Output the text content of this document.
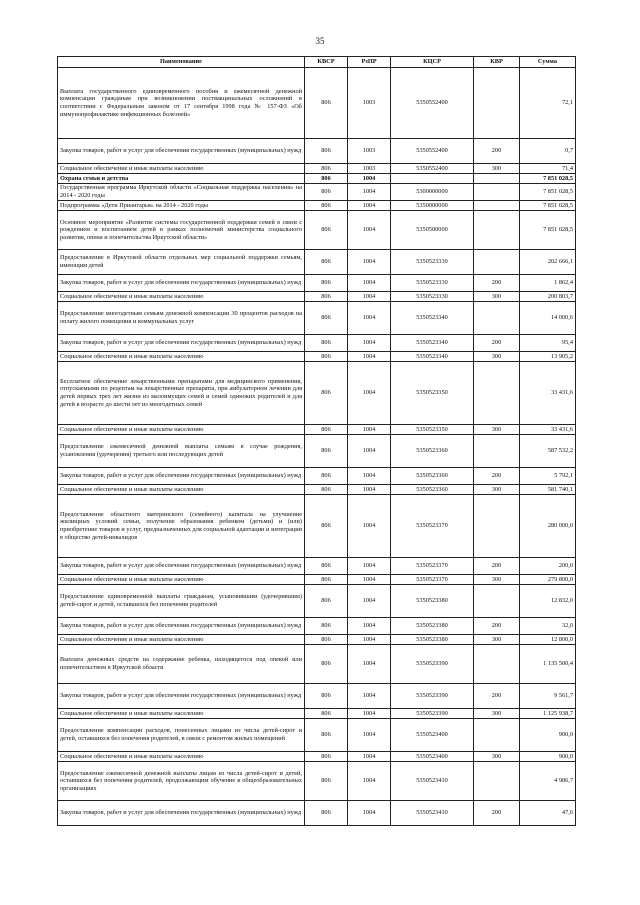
35
Наименование	КВСР	РзПР	КЦСР	КВР	Сумма
Выплата государственного единовременного пособия и ежемесячной денежной компенсации гражданам при возникновении поствакцинальных осложнений в соответствии с Федеральным законом от 17 сентября 1998 года № 157-ФЗ «Об иммунопрофилактике инфекционных болезней»	806	1003	5350552400		72,1
Закупка товаров, работ и услуг для обеспечения государственных (муниципальных) нужд	806	1003	5350552400	200	0,7
Социальное обеспечение и иные выплаты населению	806	1003	5350552400	300	71,4
Охрана семьи и детства	806	1004			7 851 028,5
Государственная программа Иркутской области «Социальная поддержка населения» на 2014 - 2020 годы	806	1004	5300000000		7 851 028,5
Подпрограмма «Дети Приангарья» на 2014 - 2020 годы	806	1004	5350000000		7 851 028,5
Основное мероприятие «Развитие системы государственной поддержки семей в связи с рождением и воспитанием детей в рамках полномочий министерства социального развития, опеки и попечительства Иркутской области»	806	1004	5350500000		7 851 028,5
Предоставление в Иркутской области отдельных мер социальной поддержки семьям, имеющим детей	806	1004	5350523330		202 666,1
Закупка товаров, работ и услуг для обеспечения государственных (муниципальных) нужд	806	1004	5350523330	200	1 862,4
Социальное обеспечение и иные выплаты населению	806	1004	5350523330	300	200 803,7
Предоставление многодетным семьям денежной компенсации 30 процентов расходов на оплату жилого помещения и коммунальных услуг	806	1004	5350523340		14 000,6
Закупка товаров, работ и услуг для обеспечения государственных (муниципальных) нужд	806	1004	5350523340	200	95,4
Социальное обеспечение и иные выплаты населению	806	1004	5350523340	300	13 905,2
Бесплатное обеспечение лекарственными препаратами для медицинского применения, отпускаемыми по рецептам на лекарственные препараты, при амбулаторном лечении для детей первых трех лет жизни из малоимущих семей и семей одиноких родителей и для детей в возрасте до шести лет из многодетных семей	806	1004	5350523350		33 431,6
Социальное обеспечение и иные выплаты населению	806	1004	5350523350	300	33 431,6
Предоставление ежемесячной денежной выплаты семьям в случае рождения, усыновления (удочерения) третьего или последующих детей	806	1004	5350523360		587 532,2
Закупка товаров, работ и услуг для обеспечения государственных (муниципальных) нужд	806	1004	5350523360	200	5 792,1
Социальное обеспечение и иные выплаты населению	806	1004	5350523360	300	581 740,1
Предоставление областного материнского (семейного) капитала на улучшение жилищных условий семьи, получение образования ребенком (детьми) и (или) приобретение товаров и услуг, предназначенных для социальной адаптации и интеграции в общество детей-инвалидов	806	1004	5350523370		280 000,0
Закупка товаров, работ и услуг для обеспечения государственных (муниципальных) нужд	806	1004	5350523370	200	200,0
Социальное обеспечение и иные выплаты населению	806	1004	5350523370	300	279 800,0
Предоставление единовременной выплаты гражданам, усыновившим (удочерившим) детей-сирот и детей, оставшихся без попечения родителей	806	1004	5350523380		12 832,0
Закупка товаров, работ и услуг для обеспечения государственных (муниципальных) нужд	806	1004	5350523380	200	32,0
Социальное обеспечение и иные выплаты населению	806	1004	5350523380	300	12 800,0
Выплата денежных средств на содержание ребенка, находящегося под опекой или попечительством в Иркутской области	806	1004	5350523390		1 135 500,4
Закупка товаров, работ и услуг для обеспечения государственных (муниципальных) нужд	806	1004	5350523390	200	9 561,7
Социальное обеспечение и иные выплаты населению	806	1004	5350523390	300	1 125 938,7
Предоставление компенсации расходов, понесенных лицами из числа детей-сирот и детей, оставшихся без попечения родителей, в связи с ремонтом жилых помещений	806	1004	5350523400		900,0
Социальное обеспечение и иные выплаты населению	806	1004	5350523400	300	900,0
Предоставление ежемесячной денежной выплаты лицам из числа детей-сирот и детей, оставшихся без попечения родителей, продолжающим обучение в общеобразовательных организациях	806	1004	5350523410		4 986,7
Закупка товаров, работ и услуг для обеспечения государственных (муниципальных) нужд	806	1004	5350523410	200	47,6
